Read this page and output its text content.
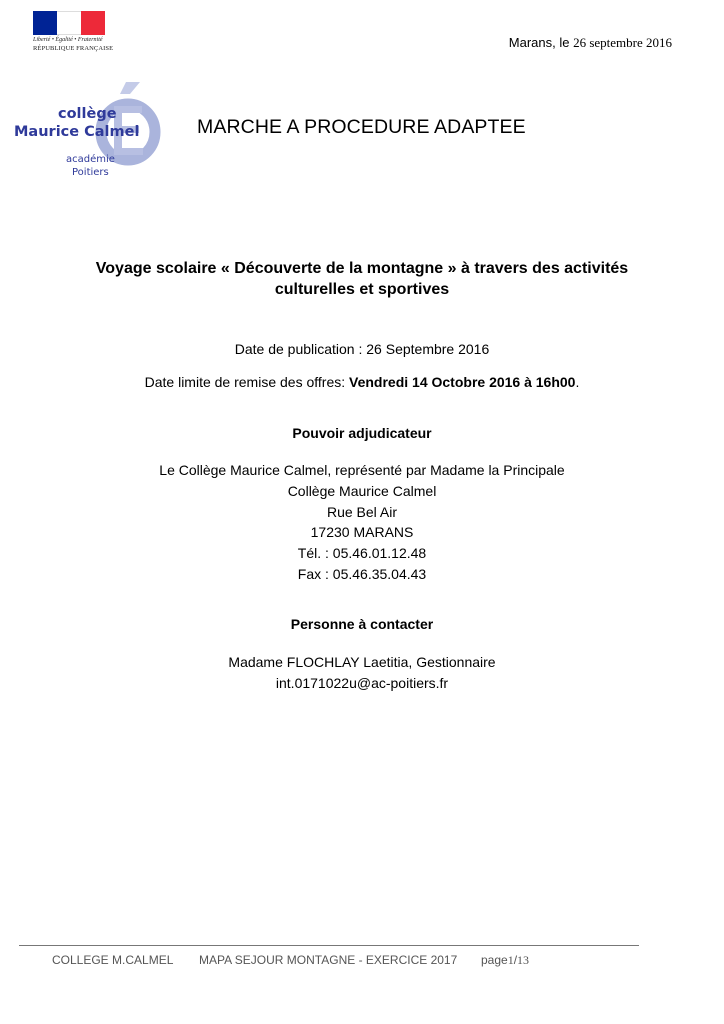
Liberté • Égalité • Fraternité
RÉPUBLIQUE FRANÇAISE	Marans, le 26 septembre 2016
collège
Maurice Calmel
académie
Poitiers
MARCHE A PROCEDURE ADAPTEE
Voyage scolaire « Découverte de la montagne » à travers des activités
culturelles et sportives
Date de publication : 26 Septembre 2016
Date limite de remise des offres: Vendredi 14 Octobre 2016 à 16h00.
Pouvoir adjudicateur
Le Collège Maurice Calmel, représenté par Madame la Principale
Collège Maurice Calmel
Rue Bel Air
17230 MARANS
Tél. : 05.46.01.12.48
Fax : 05.46.35.04.43
Personne à contacter
Madame FLOCHLAY Laetitia, Gestionnaire
int.0171022u@ac-poitiers.fr
COLLEGE M.CALMEL MAPA SEJOUR MONTAGNE - EXERCICE 2017 page1/13
